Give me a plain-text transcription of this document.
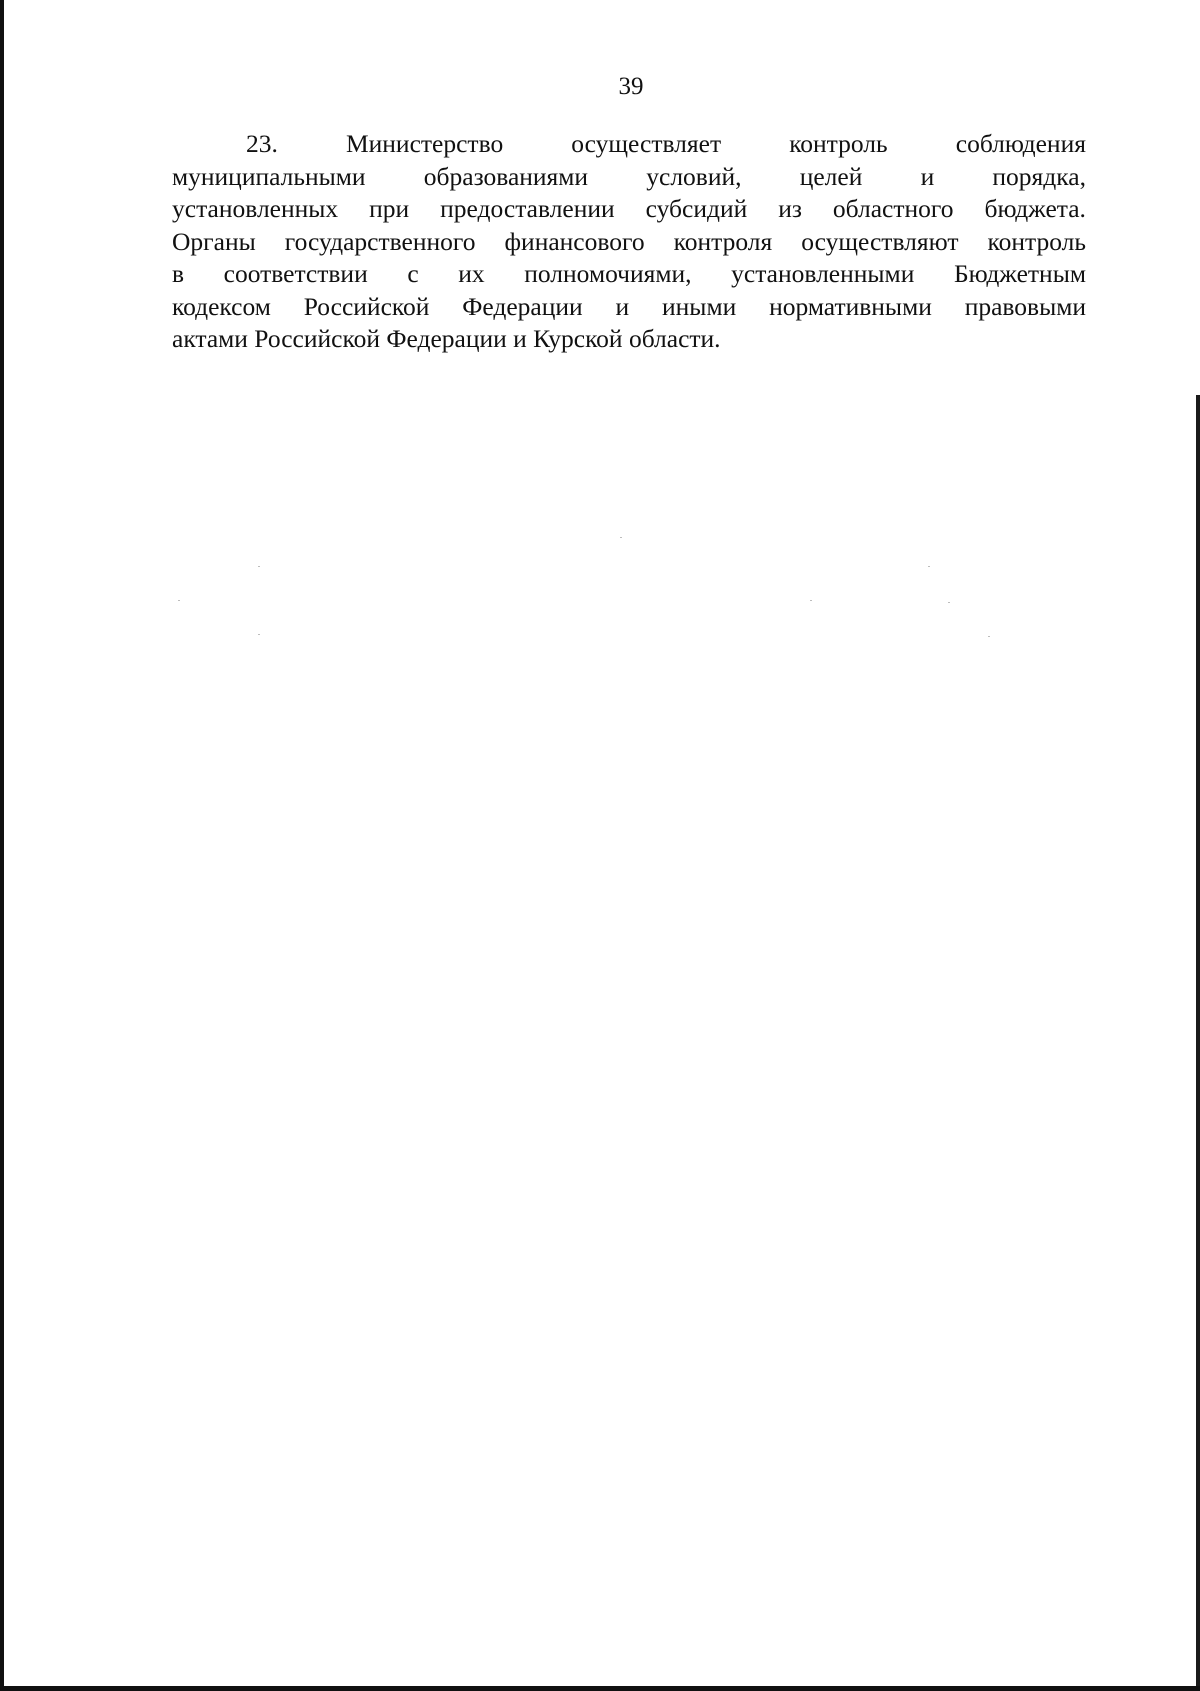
39
23.	Министерство	осуществляет	контроль	соблюдения
муниципальными образованиями условий, целей и порядка,
установленных при предоставлении субсидий из областного бюджета.
Органы государственного финансового контроля осуществляют контроль
в соответствии с их полномочиями, установленными Бюджетным
кодексом Российской Федерации и иными нормативными правовыми
актами Российской Федерации и Курской области.
